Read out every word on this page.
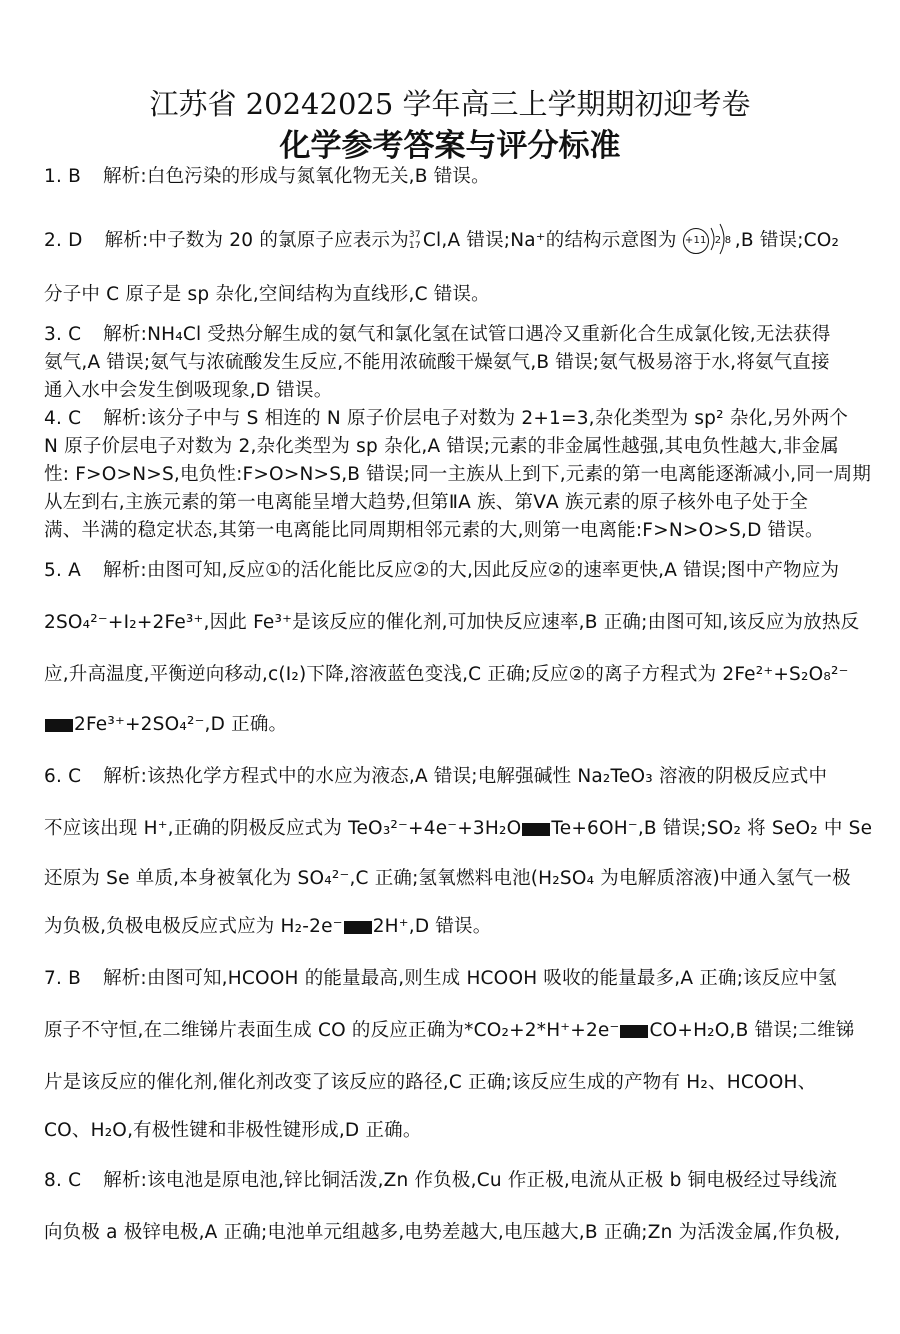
江苏省 20242025 学年高三上学期期初迎考卷
化学参考答案与评分标准
1. B 解析:白色污染的形成与氮氧化物无关,B 错误。
2. D 解析:中子数为 20 的氯原子应表示为 37
17 Cl,A 错误;Na⁺的结构示意图为 +11 2 8 ,B 错误;CO₂
分子中 C 原子是 sp 杂化,空间结构为直线形,C 错误。
3. C 解析:NH₄Cl 受热分解生成的氨气和氯化氢在试管口遇冷又重新化合生成氯化铵,无法获得
氨气,A 错误;氨气与浓硫酸发生反应,不能用浓硫酸干燥氨气,B 错误;氨气极易溶于水,将氨气直接
通入水中会发生倒吸现象,D 错误。
4. C 解析:该分子中与 S 相连的 N 原子价层电子对数为 2+1=3,杂化类型为 sp² 杂化,另外两个
N 原子价层电子对数为 2,杂化类型为 sp 杂化,A 错误;元素的非金属性越强,其电负性越大,非金属
性: F>O>N>S,电负性:F>O>N>S,B 错误;同一主族从上到下,元素的第一电离能逐渐减小,同一周期
从左到右,主族元素的第一电离能呈增大趋势,但第ⅡA 族、第ⅤA 族元素的原子核外电子处于全
满、半满的稳定状态,其第一电离能比同周期相邻元素的大,则第一电离能:F>N>O>S,D 错误。
5. A 解析:由图可知,反应①的活化能比反应②的大,因此反应②的速率更快,A 错误;图中产物应为
2SO₄²⁻+I₂+2Fe³⁺,因此 Fe³⁺是该反应的催化剂,可加快反应速率,B 正确;由图可知,该反应为放热反
应,升高温度,平衡逆向移动,c(I₂)下降,溶液蓝色变浅,C 正确;反应②的离子方程式为 2Fe²⁺+S₂O₈²⁻
2Fe³⁺+2SO₄²⁻,D 正确。
6. C 解析:该热化学方程式中的水应为液态,A 错误;电解强碱性 Na₂TeO₃ 溶液的阴极反应式中
不应该出现 H⁺,正确的阴极反应式为 TeO₃²⁻+4e⁻+3H₂O Te+6OH⁻,B 错误;SO₂ 将 SeO₂ 中 Se
还原为 Se 单质,本身被氧化为 SO₄²⁻,C 正确;氢氧燃料电池(H₂SO₄ 为电解质溶液)中通入氢气一极
为负极,负极电极反应式应为 H₂-2e⁻ 2H⁺,D 错误。
7. B 解析:由图可知,HCOOH 的能量最高,则生成 HCOOH 吸收的能量最多,A 正确;该反应中氢
原子不守恒,在二维锑片表面生成 CO 的反应正确为*CO₂+2*H⁺+2e⁻ CO+H₂O,B 错误;二维锑
片是该反应的催化剂,催化剂改变了该反应的路径,C 正确;该反应生成的产物有 H₂、HCOOH、
CO、H₂O,有极性键和非极性键形成,D 正确。
8. C 解析:该电池是原电池,锌比铜活泼,Zn 作负极,Cu 作正极,电流从正极 b 铜电极经过导线流
向负极 a 极锌电极,A 正确;电池单元组越多,电势差越大,电压越大,B 正确;Zn 为活泼金属,作负极,
